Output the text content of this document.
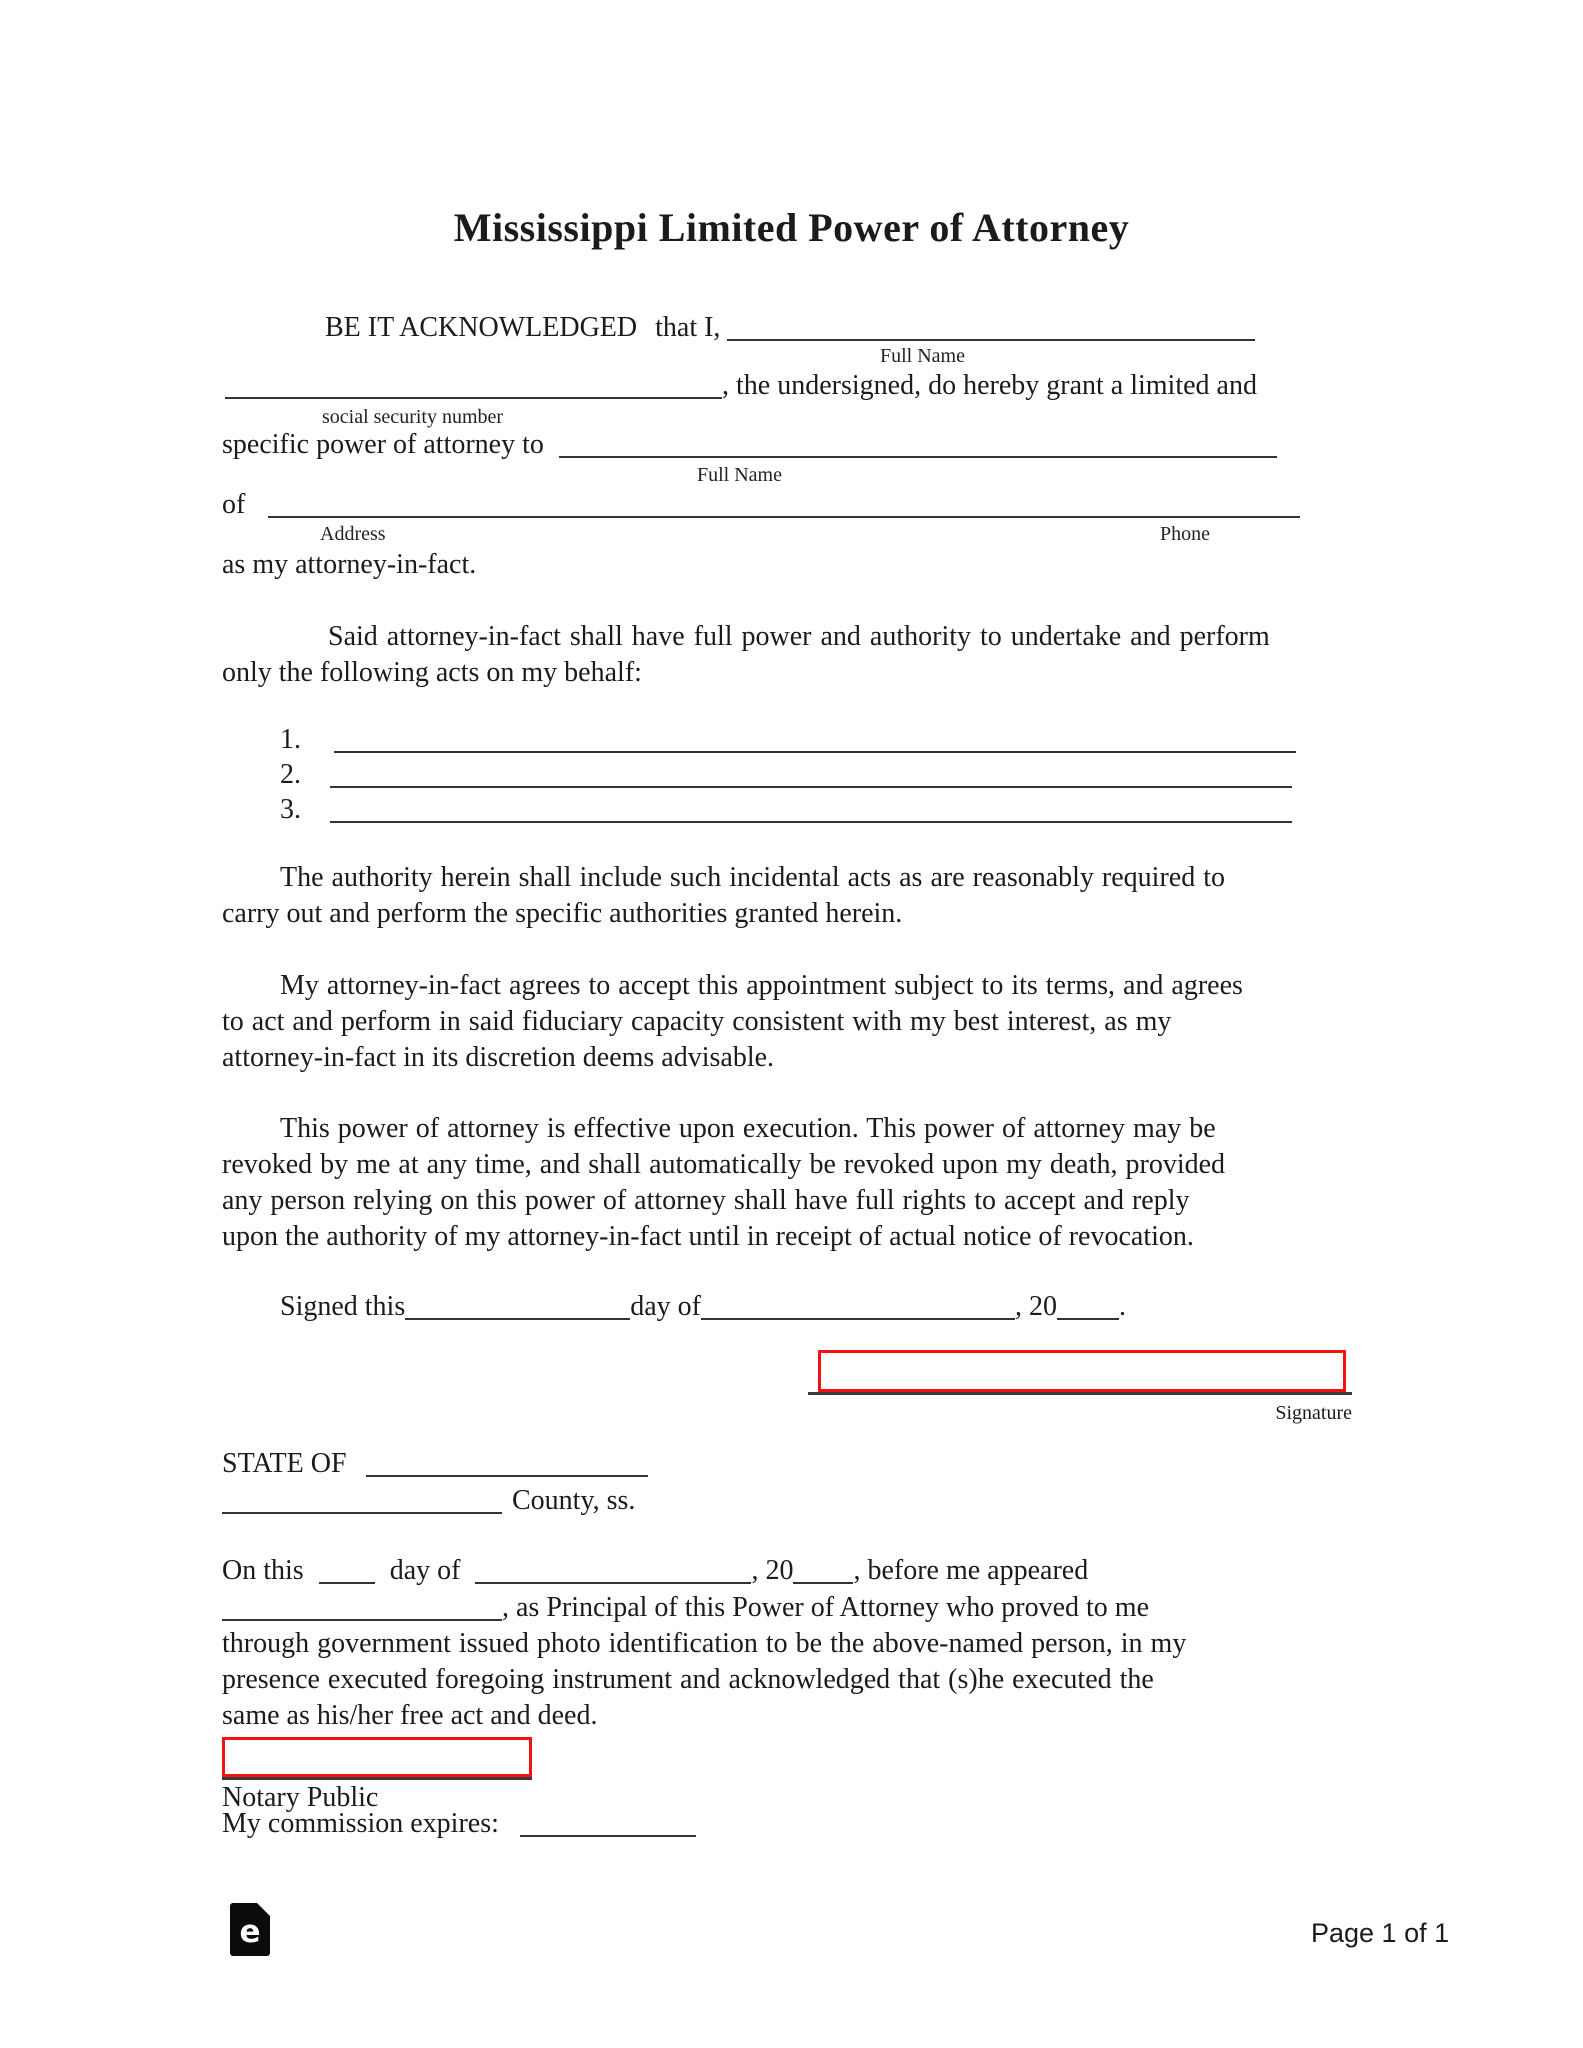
Mississippi Limited Power of Attorney
BE IT ACKNOWLEDGED that I,
Full Name
, the undersigned, do hereby grant a limited and
social security number
specific power of attorney to
Full Name
of
Address	Phone
as my attorney-in-fact.
Said attorney-in-fact shall have full power and authority to undertake and perform
only the following acts on my behalf:
1.
2.
3.
The authority herein shall include such incidental acts as are reasonably required to
carry out and perform the specific authorities granted herein.
My attorney-in-fact agrees to accept this appointment subject to its terms, and agrees
to act and perform in said fiduciary capacity consistent with my best interest, as my
attorney-in-fact in its discretion deems advisable.
This power of attorney is effective upon execution. This power of attorney may be
revoked by me at any time, and shall automatically be revoked upon my death, provided
any person relying on this power of attorney shall have full rights to accept and reply
upon the authority of my attorney-in-fact until in receipt of actual notice of revocation.
Signed this	day of	, 20 .
Signature
STATE OF
County, ss.
On this	day of	, 20 , before me appeared
, as Principal of this Power of Attorney who proved to me
through government issued photo identification to be the above-named person, in my
presence executed foregoing instrument and acknowledged that (s)he executed the
same as his/her free act and deed.
Notary Public
My commission expires:
e	Page 1 of 1
